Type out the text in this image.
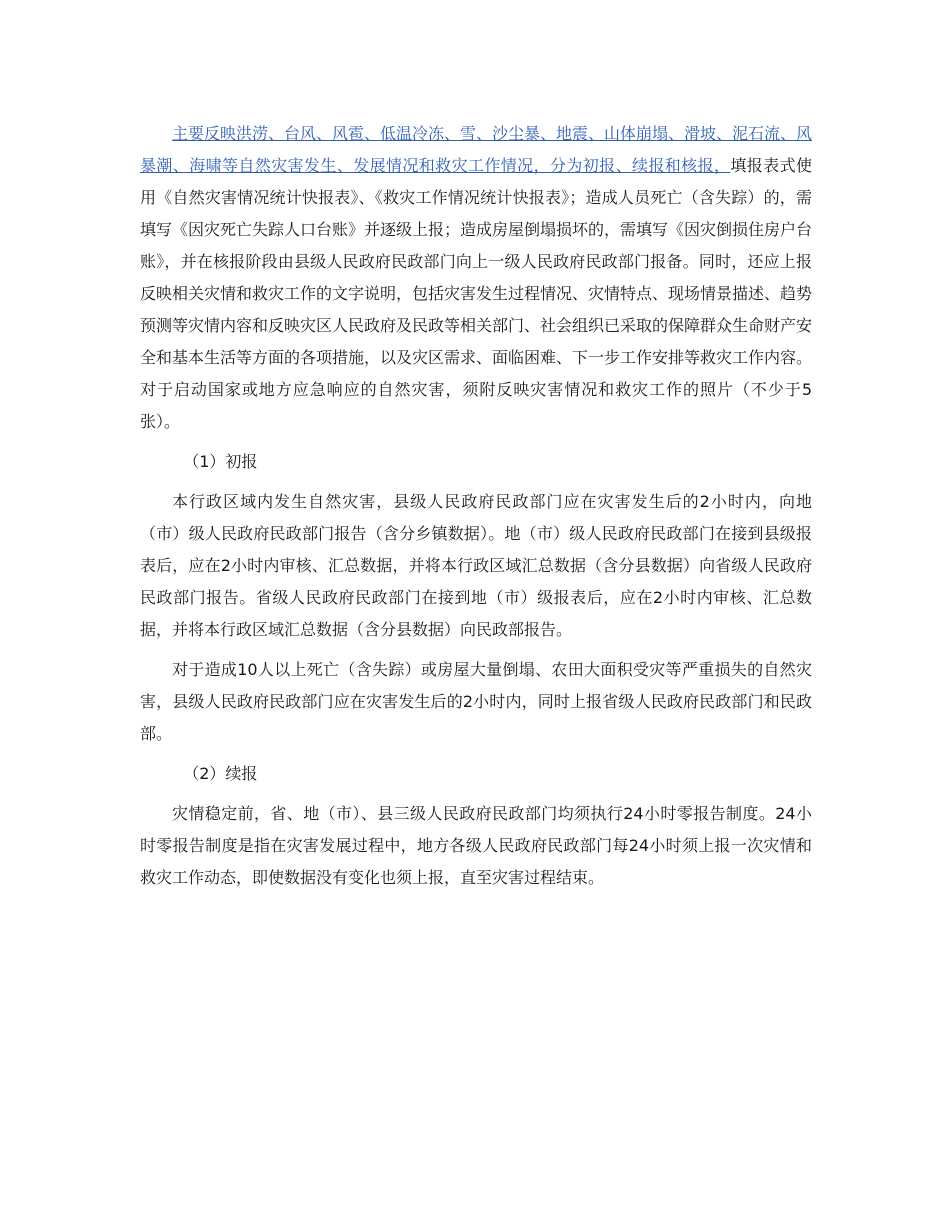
主要反映洪涝、台风、风雹、低温冷冻、雪、沙尘暴、地震、山体崩塌、滑坡、泥石流、风暴潮、海啸等自然灾害发生、发展情况和救灾工作情况，分为初报、续报和核报，填报表式使用《自然灾害情况统计快报表》、《救灾工作情况统计快报表》；造成人员死亡（含失踪）的，需填写《因灾死亡失踪人口台账》并逐级上报；造成房屋倒塌损坏的，需填写《因灾倒损住房户台账》，并在核报阶段由县级人民政府民政部门向上一级人民政府民政部门报备。同时，还应上报反映相关灾情和救灾工作的文字说明，包括灾害发生过程情况、灾情特点、现场情景描述、趋势预测等灾情内容和反映灾区人民政府及民政等相关部门、社会组织已采取的保障群众生命财产安全和基本生活等方面的各项措施，以及灾区需求、面临困难、下一步工作安排等救灾工作内容。对于启动国家或地方应急响应的自然灾害，须附反映灾害情况和救灾工作的照片（不少于5张）。

（1）初报

本行政区域内发生自然灾害，县级人民政府民政部门应在灾害发生后的2小时内，向地（市）级人民政府民政部门报告（含分乡镇数据）。地（市）级人民政府民政部门在接到县级报表后，应在2小时内审核、汇总数据，并将本行政区域汇总数据（含分县数据）向省级人民政府民政部门报告。省级人民政府民政部门在接到地（市）级报表后，应在2小时内审核、汇总数据，并将本行政区域汇总数据（含分县数据）向民政部报告。

对于造成10人以上死亡（含失踪）或房屋大量倒塌、农田大面积受灾等严重损失的自然灾害，县级人民政府民政部门应在灾害发生后的2小时内，同时上报省级人民政府民政部门和民政部。

（2）续报

灾情稳定前，省、地（市）、县三级人民政府民政部门均须执行24小时零报告制度。24小时零报告制度是指在灾害发展过程中，地方各级人民政府民政部门每24小时须上报一次灾情和救灾工作动态，即使数据没有变化也须上报，直至灾害过程结束。
